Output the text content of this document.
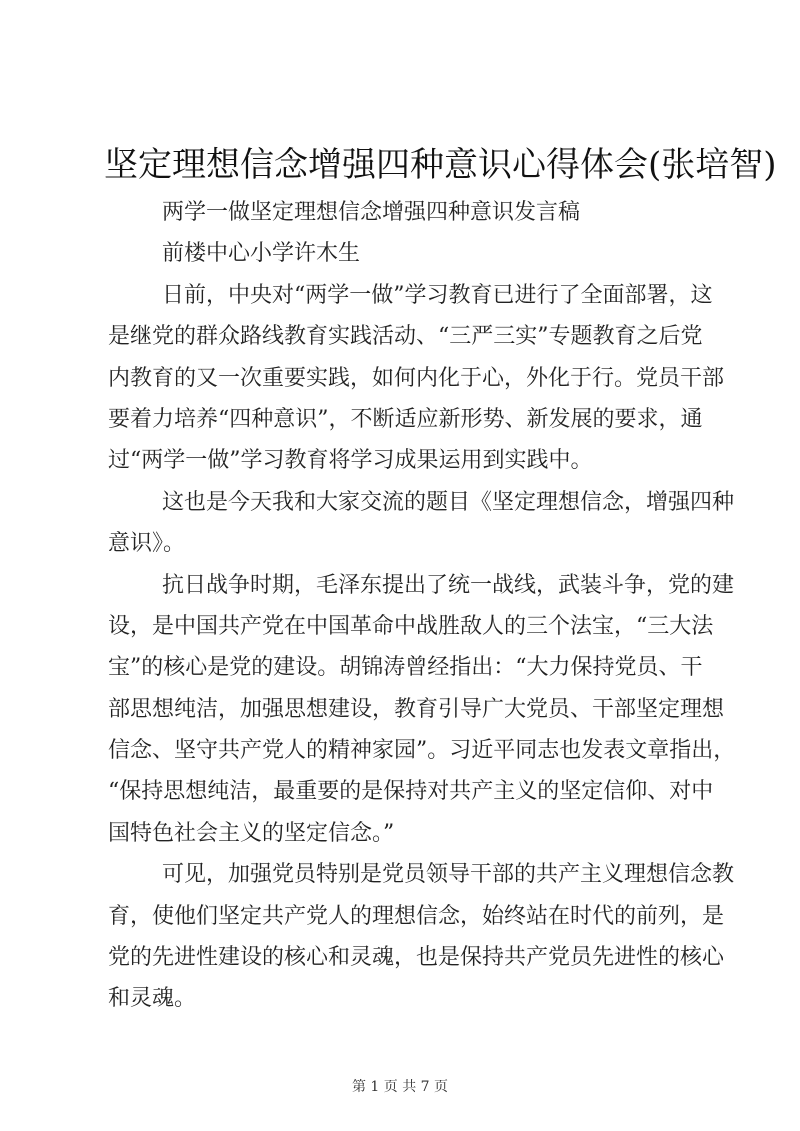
坚定理想信念增强四种意识心得体会(张培智)
两学一做坚定理想信念增强四种意识发言稿
前楼中心小学许木生
日前，中央对“两学一做”学习教育已进行了全面部署，这
是继党的群众路线教育实践活动、“三严三实”专题教育之后党
内教育的又一次重要实践，如何内化于心，外化于行。党员干部
要着力培养“四种意识”，不断适应新形势、新发展的要求，通
过“两学一做”学习教育将学习成果运用到实践中。
这也是今天我和大家交流的题目《坚定理想信念，增强四种
意识》。
抗日战争时期，毛泽东提出了统一战线，武装斗争，党的建
设，是中国共产党在中国革命中战胜敌人的三个法宝，“三大法
宝”的核心是党的建设。胡锦涛曾经指出：“大力保持党员、干
部思想纯洁，加强思想建设，教育引导广大党员、干部坚定理想
信念、坚守共产党人的精神家园”。习近平同志也发表文章指出，
“保持思想纯洁，最重要的是保持对共产主义的坚定信仰、对中
国特色社会主义的坚定信念。”
可见，加强党员特别是党员领导干部的共产主义理想信念教
育，使他们坚定共产党人的理想信念，始终站在时代的前列，是
党的先进性建设的核心和灵魂，也是保持共产党员先进性的核心
和灵魂。
第 1 页 共 7 页
